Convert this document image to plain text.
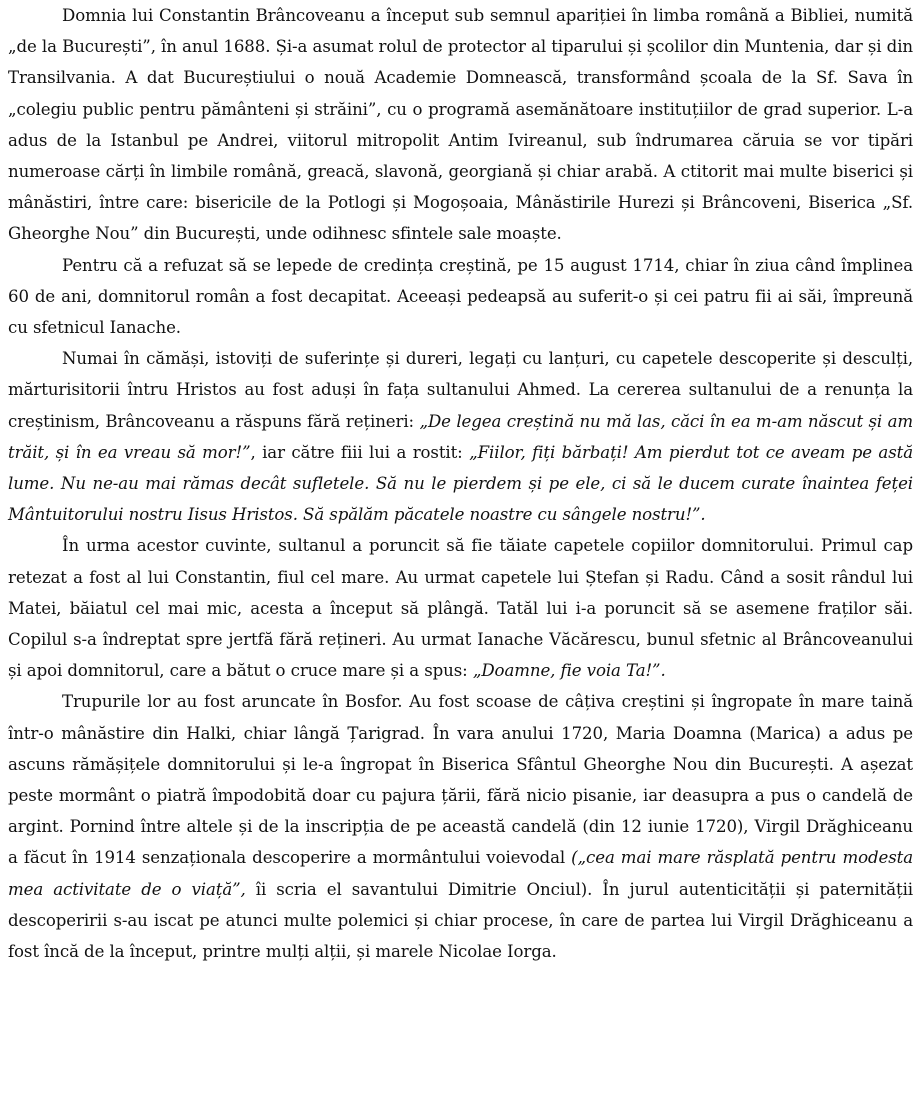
Domnia lui Constantin Brâncoveanu a început sub semnul apariției în limba română a Bibliei, numită „de la București”, în anul 1688. Și-a asumat rolul de protector al tiparului și școlilor din Muntenia, dar și din Transilvania. A dat Bucureștiului o nouă Academie Domnească, transformând școala de la Sf. Sava în „colegiu public pentru pământeni și străini”, cu o programă asemănătoare instituțiilor de grad superior. L-a adus de la Istanbul pe Andrei, viitorul mitropolit Antim Ivireanul, sub îndrumarea căruia se vor tipări numeroase cărți în limbile română, greacă, slavonă, georgiană și chiar arabă. A ctitorit mai multe biserici și mânăstiri, între care: bisericile de la Potlogi și Mogoșoaia, Mânăstirile Hurezi și Brâncoveni, Biserica „Sf. Gheorghe Nou” din București, unde odihnesc sfintele sale moaște.

Pentru că a refuzat să se lepede de credința creștină, pe 15 august 1714, chiar în ziua când împlinea 60 de ani, domnitorul român a fost decapitat. Aceeași pedeapsă au suferit-o și cei patru fii ai săi, împreună cu sfetnicul Ianache.

Numai în cămăși, istoviți de suferințe și dureri, legați cu lanțuri, cu capetele descoperite și desculți, mărturisitorii întru Hristos au fost aduși în fața sultanului Ahmed. La cererea sultanului de a renunța la creștinism, Brâncoveanu a răspuns fără rețineri: „De legea creștină nu mă las, căci în ea m-am născut și am trăit, și în ea vreau să mor!”, iar către fiii lui a rostit: „Fiilor, fiți bărbați! Am pierdut tot ce aveam pe astă lume. Nu ne-au mai rămas decât sufletele. Să nu le pierdem și pe ele, ci să le ducem curate înaintea feței Mântuitorului nostru Iisus Hristos. Să spălăm păcatele noastre cu sângele nostru!”.

În urma acestor cuvinte, sultanul a poruncit să fie tăiate capetele copiilor domnitorului. Primul cap retezat a fost al lui Constantin, fiul cel mare. Au urmat capetele lui Ștefan și Radu. Când a sosit rândul lui Matei, băiatul cel mai mic, acesta a început să plângă. Tatăl lui i-a poruncit să se asemene fraților săi. Copilul s-a îndreptat spre jertfă fără rețineri. Au urmat Ianache Văcărescu, bunul sfetnic al Brâncoveanului și apoi domnitorul, care a bătut o cruce mare și a spus: „Doamne, fie voia Ta!”.

Trupurile lor au fost aruncate în Bosfor. Au fost scoase de câțiva creștini și îngropate în mare taină într-o mânăstire din Halki, chiar lângă Țarigrad. În vara anului 1720, Maria Doamna (Marica) a adus pe ascuns rămășițele domnitorului și le-a îngropat în Biserica Sfântul Gheorghe Nou din București. A așezat peste mormânt o piatră împodobită doar cu pajura țării, fără nicio pisanie, iar deasupra a pus o candelă de argint. Pornind între altele și de la inscripția de pe această candelă (din 12 iunie 1720), Virgil Drăghiceanu a făcut în 1914 senzaționala descoperire a mormântului voievodal („cea mai mare răsplată pentru modesta mea activitate de o viață”, îi scria el savantului Dimitrie Onciul). În jurul autenticității și paternității descoperirii s-au iscat pe atunci multe polemici și chiar procese, în care de partea lui Virgil Drăghiceanu a fost încă de la început, printre mulți alții, și marele Nicolae Iorga.
